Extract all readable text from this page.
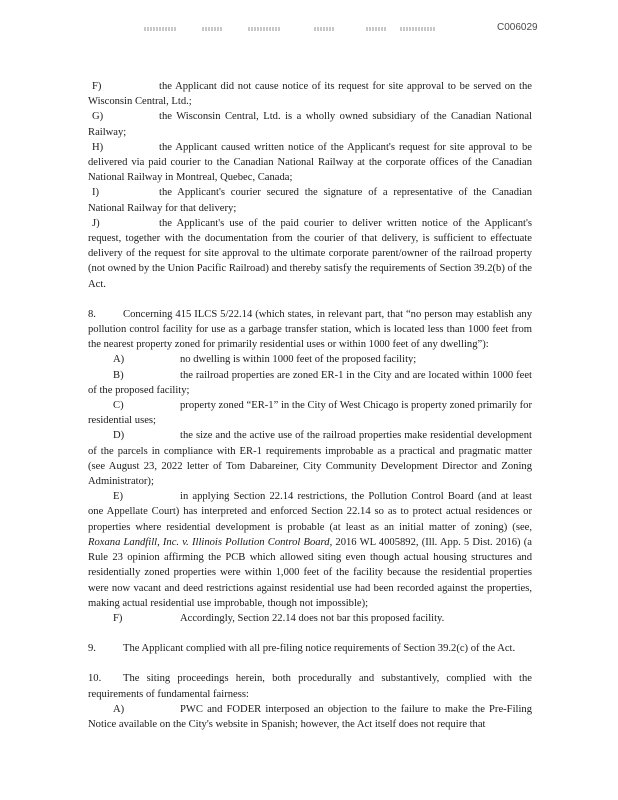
C006029

F)	the Applicant did not cause notice of its request for site approval to be served on the Wisconsin Central, Ltd.;

G)	the Wisconsin Central, Ltd. is a wholly owned subsidiary of the Canadian National Railway;

H)	the Applicant caused written notice of the Applicant's request for site approval to be delivered via paid courier to the Canadian National Railway at the corporate offices of the Canadian National Railway in Montreal, Quebec, Canada;

I)	the Applicant's courier secured the signature of a representative of the Canadian National Railway for that delivery;

J)	the Applicant's use of the paid courier to deliver written notice of the Applicant's request, together with the documentation from the courier of that delivery, is sufficient to effectuate delivery of the request for site approval to the ultimate corporate parent/owner of the railroad property (not owned by the Union Pacific Railroad) and thereby satisfy the requirements of Section 39.2(b) of the Act.

8.	Concerning 415 ILCS 5/22.14 (which states, in relevant part, that “no person may establish any pollution control facility for use as a garbage transfer station, which is located less than 1000 feet from the nearest property zoned for primarily residential uses or within 1000 feet of any dwelling”):

A)	no dwelling is within 1000 feet of the proposed facility;

B)	the railroad properties are zoned ER-1 in the City and are located within 1000 feet of the proposed facility;

C)	property zoned “ER-1” in the City of West Chicago is property zoned primarily for residential uses;

D)	the size and the active use of the railroad properties make residential development of the parcels in compliance with ER-1 requirements improbable as a practical and pragmatic matter (see August 23, 2022 letter of Tom Dabareiner, City Community Development Director and Zoning Administrator);

E)	in applying Section 22.14 restrictions, the Pollution Control Board (and at least one Appellate Court) has interpreted and enforced Section 22.14 so as to protect actual residences or properties where residential development is probable (at least as an initial matter of zoning) (see, Roxana Landfill, Inc. v. Illinois Pollution Control Board, 2016 WL 4005892, (Ill. App. 5 Dist. 2016) (a Rule 23 opinion affirming the PCB which allowed siting even though actual housing structures and residentially zoned properties were within 1,000 feet of the facility because the residential properties were now vacant and deed restrictions against residential use had been recorded against the properties, making actual residential use improbable, though not impossible);

F)	Accordingly, Section 22.14 does not bar this proposed facility.

9.	The Applicant complied with all pre-filing notice requirements of Section 39.2(c) of the Act.

10. The siting proceedings herein, both procedurally and substantively, complied with the requirements of fundamental fairness:

A)	PWC and FODER interposed an objection to the failure to make the Pre-Filing Notice available on the City's website in Spanish; however, the Act itself does not require that
